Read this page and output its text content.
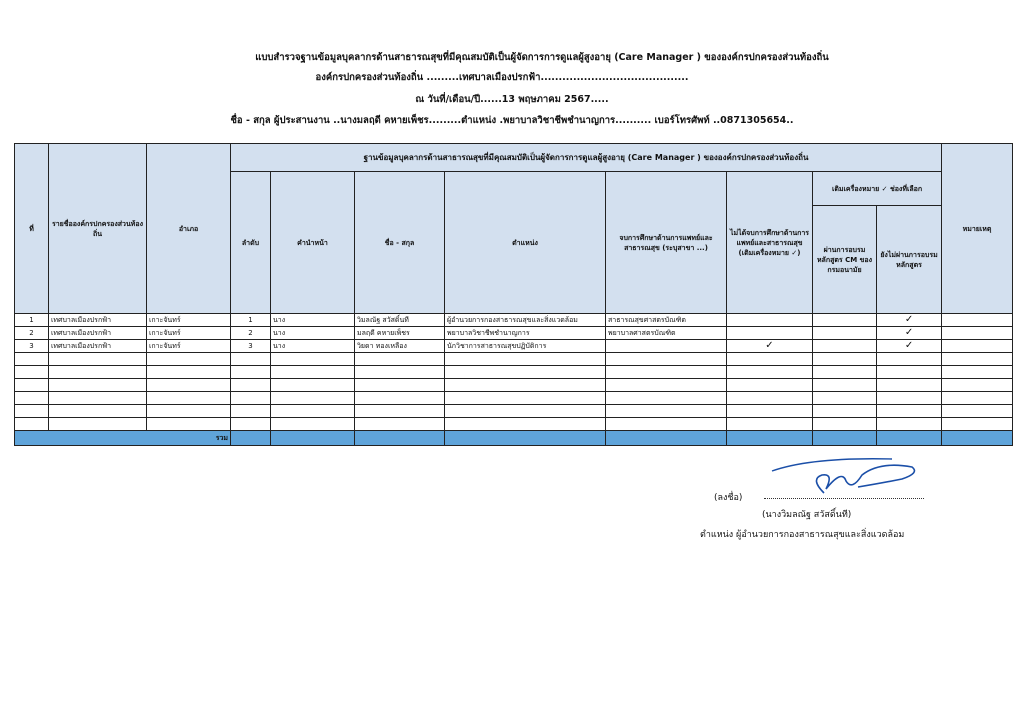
แบบสำรวจฐานข้อมูลบุคลากรด้านสาธารณสุขที่มีคุณสมบัติเป็นผู้จัดการการดูแลผู้สูงอายุ (Care Manager ) ขององค์กรปกครองส่วนท้องถิ่น
องค์กรปกครองส่วนท้องถิ่น .........เทศบาลเมืองปรกฟ้า.........................................
ณ วันที่/เดือน/ปี......13 พฤษภาคม 2567.....
ชื่อ - สกุล ผู้ประสานงาน ..นางมลฤดี คหายเพ็ชร.........ตำแหน่ง .พยาบาลวิชาชีพชำนาญการ.......... เบอร์โทรศัพท์ ..0871305654..
ที่	รายชื่อองค์กรปกครองส่วนท้องถิ่น	อำเภอ	ฐานข้อมูลบุคลากรด้านสาธารณสุขที่มีคุณสมบัติเป็นผู้จัดการการดูแลผู้สูงอายุ (Care Manager ) ขององค์กรปกครองส่วนท้องถิ่น								หมายเหตุ
			ลำดับ	คำนำหน้า	ชื่อ - สกุล	ตำแหน่ง	จบการศึกษาด้านการแพทย์และสาธารณสุข (ระบุสาขา ...)	ไม่ได้จบการศึกษาด้านการแพทย์และสาธารณสุข (เติมเครื่องหมาย ✓)	เติมเครื่องหมาย ✓ ช่องที่เลือก		
									ผ่านการอบรมหลักสูตร CM ของกรมอนามัย	ยังไม่ผ่านการอบรมหลักสูตร	
1	เทศบาลเมืองปรกฟ้า	เกาะจันทร์	1	นาง	วิมลณัฐ สวัสดิ์นที	ผู้อำนวยการกองสาธารณสุขและสิ่งแวดล้อม	สาธารณสุขศาสตรบัณฑิต			✓	
2	เทศบาลเมืองปรกฟ้า	เกาะจันทร์	2	นาง	มลฤดี คหายเพ็ชร	พยาบาลวิชาชีพชำนาญการ	พยาบาลศาสตรบัณฑิต			✓	
3	เทศบาลเมืองปรกฟ้า	เกาะจันทร์	3	นาง	วิยดา ทองเหลือง	นักวิชาการสาธารณสุขปฏิบัติการ		✓		✓	

รวม											
(ลงชื่อ)
(นางวิมลณัฐ สวัสดิ์นที)
ตำแหน่ง ผู้อำนวยการกองสาธารณสุขและสิ่งแวดล้อม
